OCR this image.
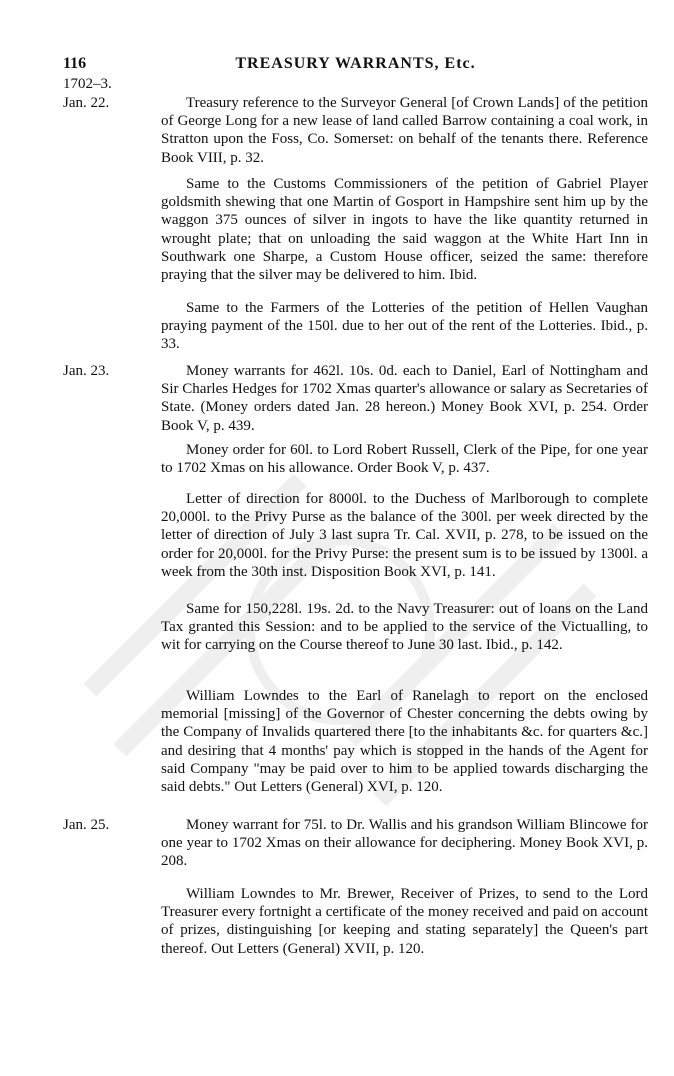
116	TREASURY WARRANTS, Etc.
1702–3.
Jan. 22.	Treasury reference to the Surveyor General [of Crown Lands] of the petition of George Long for a new lease of land called Barrow containing a coal work, in Stratton upon the Foss, Co. Somerset: on behalf of the tenants there. Reference Book VIII, p. 32.
Same to the Customs Commissioners of the petition of Gabriel Player goldsmith shewing that one Martin of Gosport in Hampshire sent him up by the waggon 375 ounces of silver in ingots to have the like quantity returned in wrought plate; that on unloading the said waggon at the White Hart Inn in Southwark one Sharpe, a Custom House officer, seized the same: therefore praying that the silver may be delivered to him. Ibid.
Same to the Farmers of the Lotteries of the petition of Hellen Vaughan praying payment of the 150l. due to her out of the rent of the Lotteries. Ibid., p. 33.
Jan. 23.	Money warrants for 462l. 10s. 0d. each to Daniel, Earl of Nottingham and Sir Charles Hedges for 1702 Xmas quarter's allowance or salary as Secretaries of State. (Money orders dated Jan. 28 hereon.) Money Book XVI, p. 254. Order Book V, p. 439.
Money order for 60l. to Lord Robert Russell, Clerk of the Pipe, for one year to 1702 Xmas on his allowance. Order Book V, p. 437.
Letter of direction for 8000l. to the Duchess of Marlborough to complete 20,000l. to the Privy Purse as the balance of the 300l. per week directed by the letter of direction of July 3 last supra Tr. Cal. XVII, p. 278, to be issued on the order for 20,000l. for the Privy Purse: the present sum is to be issued by 1300l. a week from the 30th inst. Disposition Book XVI, p. 141.
Same for 150,228l. 19s. 2d. to the Navy Treasurer: out of loans on the Land Tax granted this Session: and to be applied to the service of the Victualling, to wit for carrying on the Course thereof to June 30 last. Ibid., p. 142.
William Lowndes to the Earl of Ranelagh to report on the enclosed memorial [missing] of the Governor of Chester concerning the debts owing by the Company of Invalids quartered there [to the inhabitants &c. for quarters &c.] and desiring that 4 months' pay which is stopped in the hands of the Agent for said Company "may be paid over to him to be applied towards discharging the said debts." Out Letters (General) XVI, p. 120.
Jan. 25.	Money warrant for 75l. to Dr. Wallis and his grandson William Blincowe for one year to 1702 Xmas on their allowance for deciphering. Money Book XVI, p. 208.
William Lowndes to Mr. Brewer, Receiver of Prizes, to send to the Lord Treasurer every fortnight a certificate of the money received and paid on account of prizes, distinguishing [or keeping and stating separately] the Queen's part thereof. Out Letters (General) XVII, p. 120.
